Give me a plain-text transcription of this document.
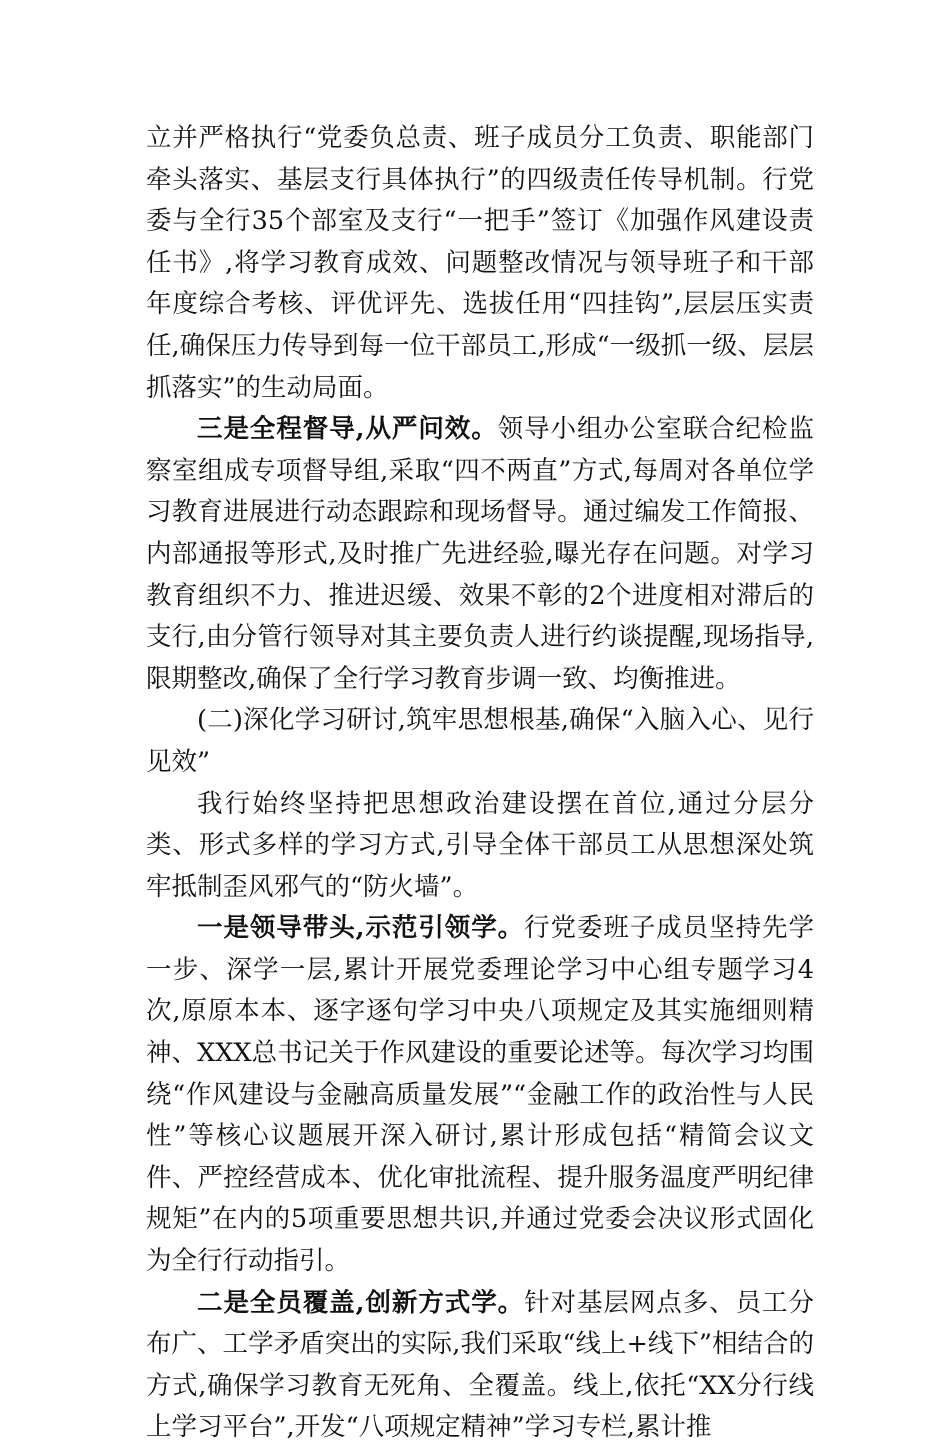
立并严格执行“党委负总责、班子成员分工负责、职能部门牵头落实、基层支行具体执行”的四级责任传导机制。行党委与全行35个部室及支行“一把手”签订《加强作风建设责任书》,将学习教育成效、问题整改情况与领导班子和干部年度综合考核、评优评先、选拔任用“四挂钩”,层层压实责任,确保压力传导到每一位干部员工,形成“一级抓一级、层层抓落实”的生动局面。

三是全程督导,从严问效。领导小组办公室联合纪检监察室组成专项督导组,采取“四不两直”方式,每周对各单位学习教育进展进行动态跟踪和现场督导。通过编发工作简报、内部通报等形式,及时推广先进经验,曝光存在问题。对学习教育组织不力、推进迟缓、效果不彰的2个进度相对滞后的支行,由分管行领导对其主要负责人进行约谈提醒,现场指导,限期整改,确保了全行学习教育步调一致、均衡推进。

(二)深化学习研讨,筑牢思想根基,确保“入脑入心、见行见效”

我行始终坚持把思想政治建设摆在首位,通过分层分类、形式多样的学习方式,引导全体干部员工从思想深处筑牢抵制歪风邪气的“防火墙”。

一是领导带头,示范引领学。行党委班子成员坚持先学一步、深学一层,累计开展党委理论学习中心组专题学习4次,原原本本、逐字逐句学习中央八项规定及其实施细则精神、XXX总书记关于作风建设的重要论述等。每次学习均围绕“作风建设与金融高质量发展”“金融工作的政治性与人民性”等核心议题展开深入研讨,累计形成包括“精简会议文件、严控经营成本、优化审批流程、提升服务温度严明纪律规矩”在内的5项重要思想共识,并通过党委会决议形式固化为全行行动指引。

二是全员覆盖,创新方式学。针对基层网点多、员工分布广、工学矛盾突出的实际,我们采取“线上+线下”相结合的方式,确保学习教育无死角、全覆盖。线上,依托“XX分行线上学习平台”,开发“八项规定精神”学习专栏,累计推
